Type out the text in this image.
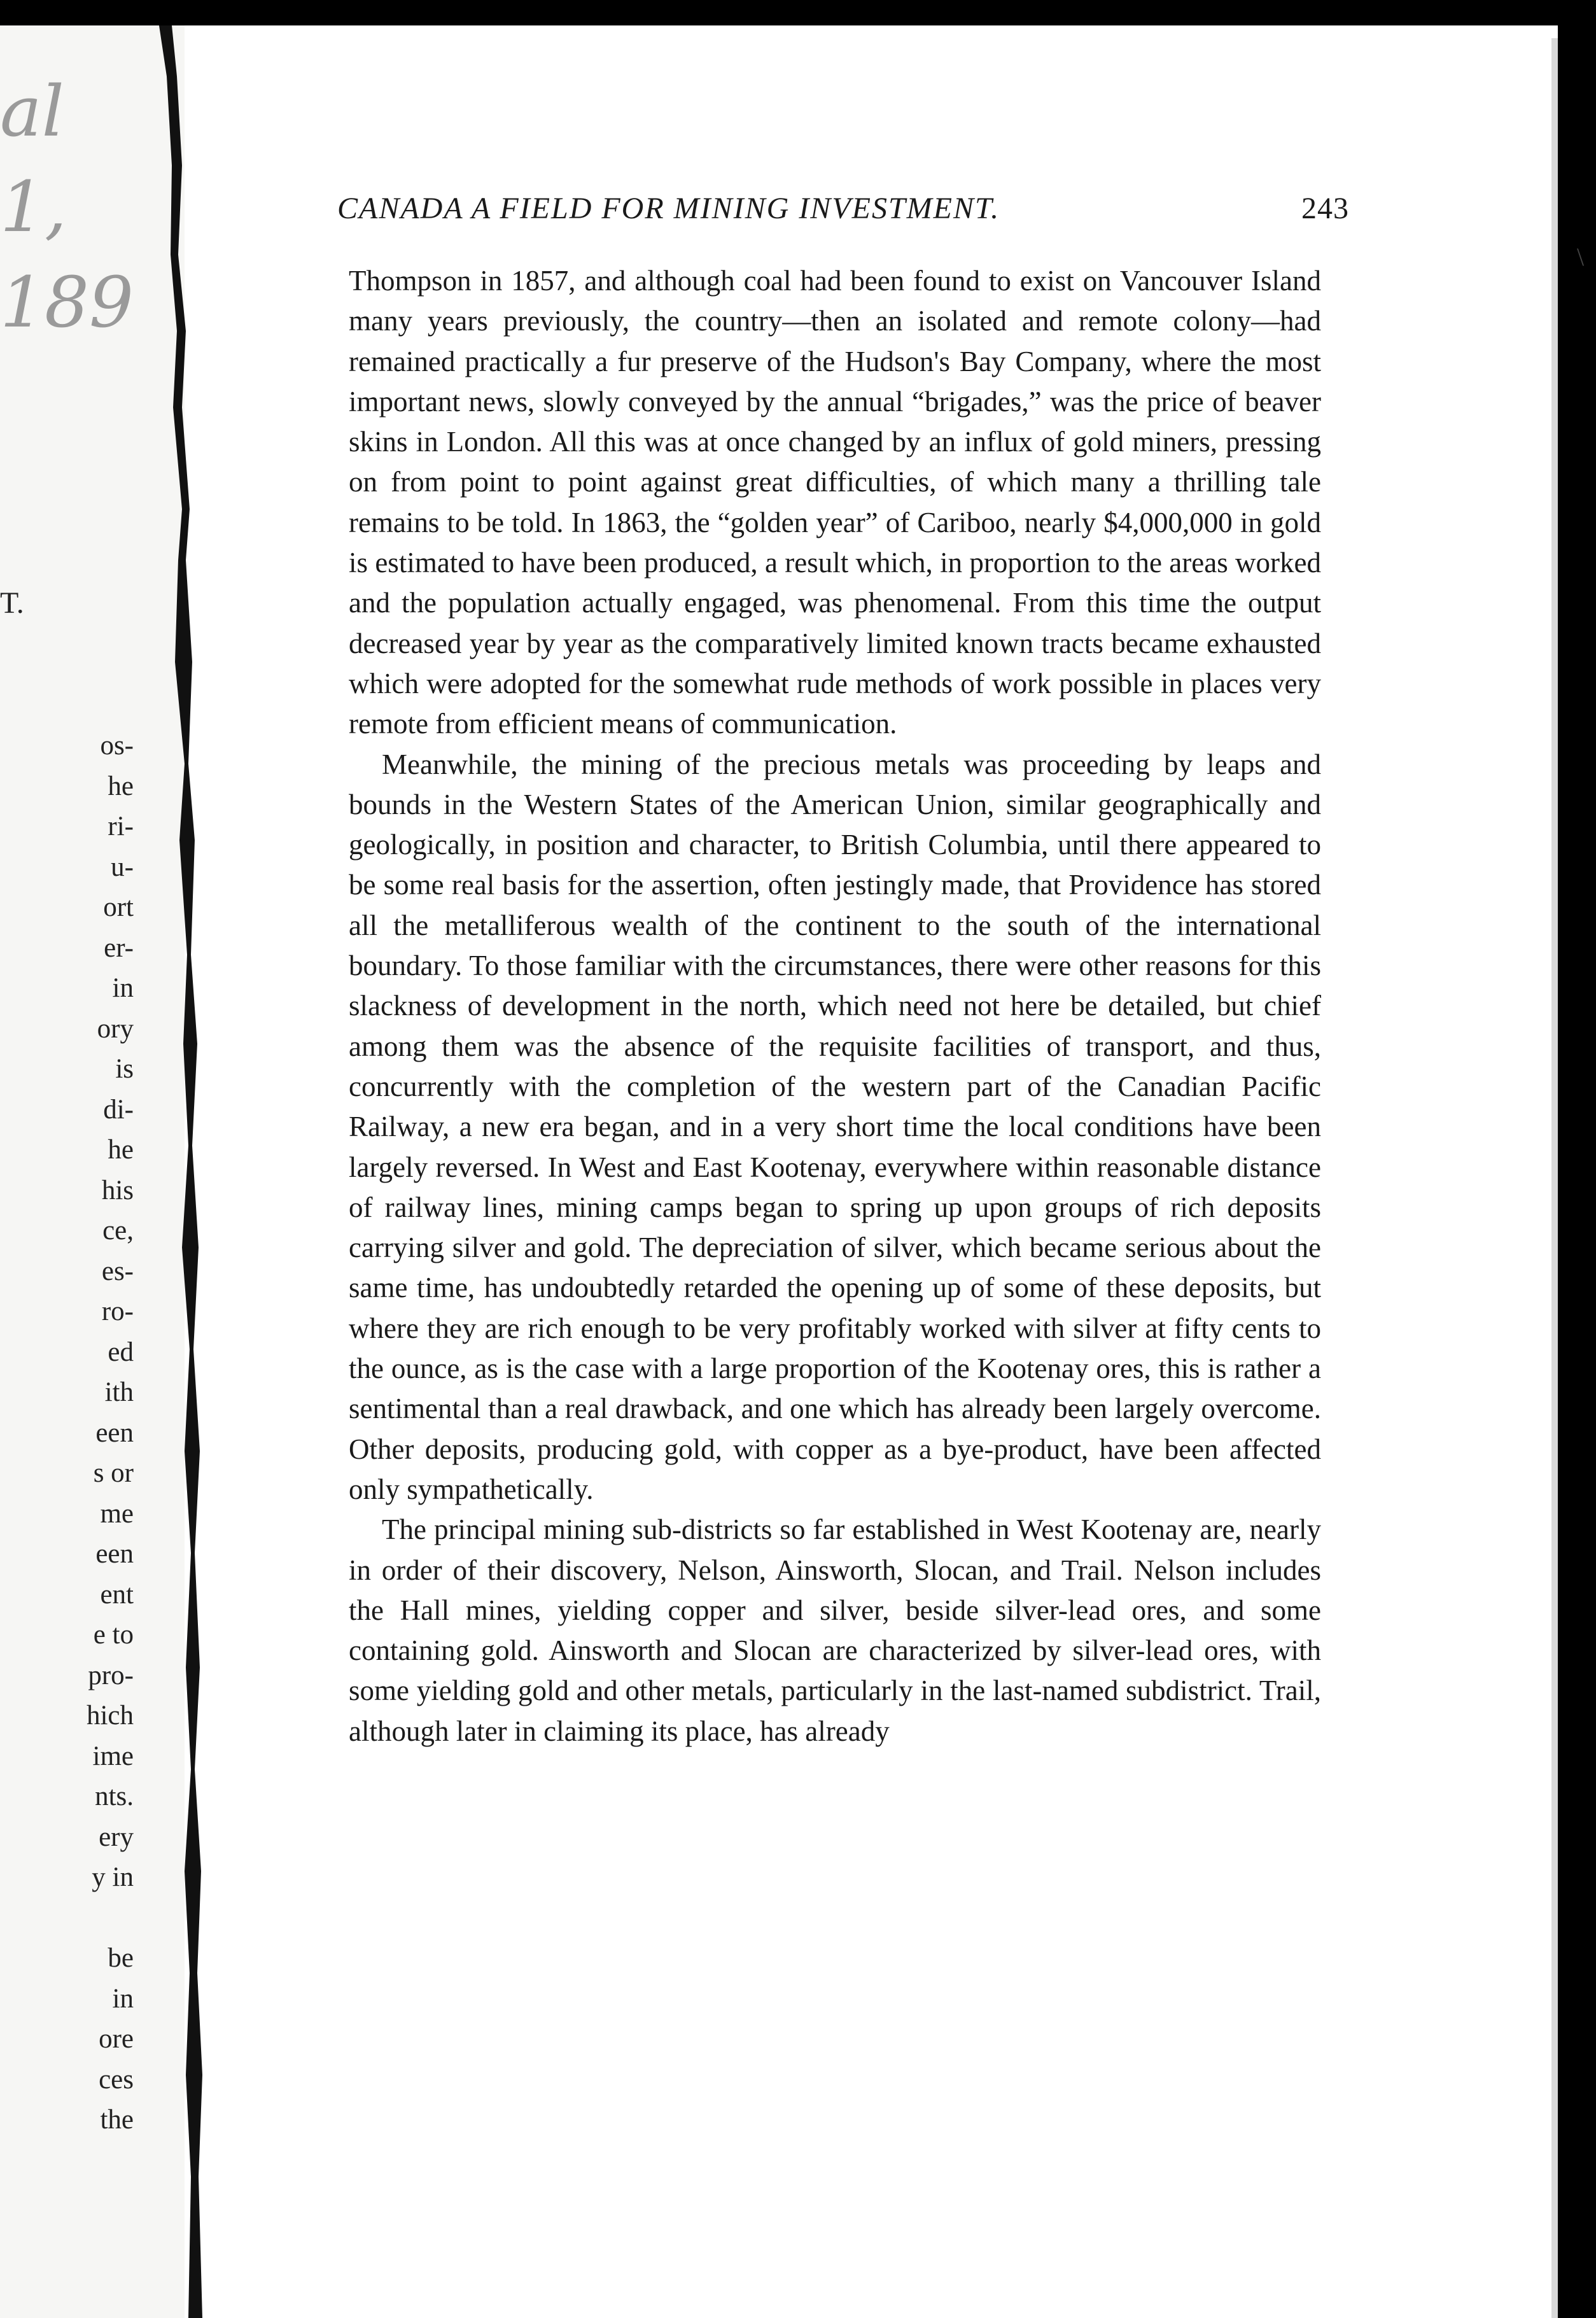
al
1, 189
T.
os-
he
ri-
u-
ort
er-
in
ory
is
di-
he
his
ce,
es-
ro-
ed
ith
een
s or
me
een
ent
e to
pro-
hich
ime
nts.
ery
y in
be
in
ore
ces
the
CANADA A FIELD FOR MINING INVESTMENT.	243

Thompson in 1857, and although coal had been found to exist on Vancouver Island many years previously, the country—then an isolated and remote colony—had remained practically a fur preserve of the Hudson's Bay Company, where the most important news, slowly conveyed by the annual “brigades,” was the price of beaver skins in London. All this was at once changed by an influx of gold miners, pressing on from point to point against great difficulties, of which many a thrilling tale remains to be told. In 1863, the “golden year” of Cariboo, nearly $4,000,000 in gold is estimated to have been produced, a result which, in proportion to the areas worked and the population actually engaged, was phenomenal. From this time the output decreased year by year as the comparatively limited known tracts became exhausted which were adopted for the somewhat rude methods of work possible in places very remote from efficient means of communication.

Meanwhile, the mining of the precious metals was proceeding by leaps and bounds in the Western States of the American Union, similar geographically and geologically, in position and character, to British Columbia, until there appeared to be some real basis for the assertion, often jestingly made, that Providence has stored all the metalliferous wealth of the continent to the south of the international boundary. To those familiar with the circumstances, there were other reasons for this slackness of development in the north, which need not here be detailed, but chief among them was the absence of the requisite facilities of transport, and thus, concurrently with the completion of the western part of the Canadian Pacific Railway, a new era began, and in a very short time the local conditions have been largely reversed. In West and East Kootenay, everywhere within reasonable distance of railway lines, mining camps began to spring up upon groups of rich deposits carrying silver and gold. The depreciation of silver, which became serious about the same time, has undoubtedly retarded the opening up of some of these deposits, but where they are rich enough to be very profitably worked with silver at fifty cents to the ounce, as is the case with a large proportion of the Kootenay ores, this is rather a sentimental than a real drawback, and one which has already been largely overcome. Other deposits, producing gold, with copper as a bye-product, have been affected only sympathetically.

The principal mining sub-districts so far established in West Kootenay are, nearly in order of their discovery, Nelson, Ainsworth, Slocan, and Trail. Nelson includes the Hall mines, yielding copper and silver, beside silver-lead ores, and some containing gold. Ainsworth and Slocan are characterized by silver-lead ores, with some yielding gold and other metals, particularly in the last-named subdistrict. Trail, although later in claiming its place, has already

\
